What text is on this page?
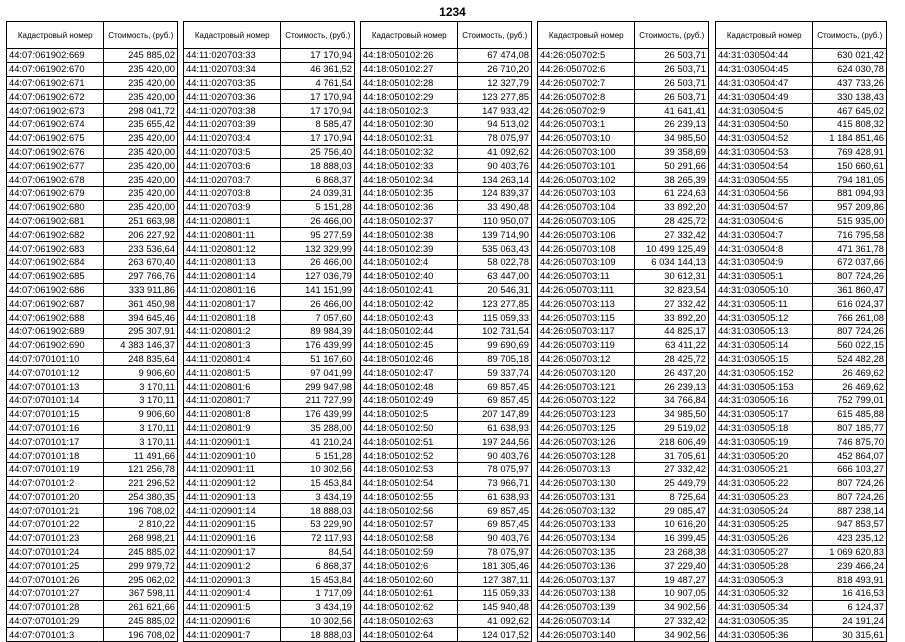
1234
Кадастровый номер	Стоимость, (руб.)
44:07:061902:669	245 885,02
44:07:061902:670	235 420,00
44:07:061902:671	235 420,00
44:07:061902:672	235 420,00
44:07:061902:673	298 041,72
44:07:061902:674	235 655,42
44:07:061902:675	235 420,00
44:07:061902:676	235 420,00
44:07:061902:677	235 420,00
44:07:061902:678	235 420,00
44:07:061902:679	235 420,00
44:07:061902:680	235 420,00
44:07:061902:681	251 663,98
44:07:061902:682	206 227,92
44:07:061902:683	233 536,64
44:07:061902:684	263 670,40
44:07:061902:685	297 766,76
44:07:061902:686	333 911,86
44:07:061902:687	361 450,98
44:07:061902:688	394 645,46
44:07:061902:689	295 307,91
44:07:061902:690	4 383 146,37
44:07:070101:10	248 835,64
44:07:070101:12	9 906,60
44:07:070101:13	3 170,11
44:07:070101:14	3 170,11
44:07:070101:15	9 906,60
44:07:070101:16	3 170,11
44:07:070101:17	3 170,11
44:07:070101:18	11 491,66
44:07:070101:19	121 256,78
44:07:070101:2	221 296,52
44:07:070101:20	254 380,35
44:07:070101:21	196 708,02
44:07:070101:22	2 810,22
44:07:070101:23	268 998,21
44:07:070101:24	245 885,02
44:07:070101:25	299 979,72
44:07:070101:26	295 062,02
44:07:070101:27	367 598,11
44:07:070101:28	261 621,66
44:07:070101:29	245 885,02
44:07:070101:3	196 708,02
Кадастровый номер	Стоимость, (руб.)
44:11:020703:33	17 170,94
44:11:020703:34	46 361,52
44:11:020703:35	4 761,54
44:11:020703:36	17 170,94
44:11:020703:38	17 170,94
44:11:020703:39	8 585,47
44:11:020703:4	17 170,94
44:11:020703:5	25 756,40
44:11:020703:6	18 888,03
44:11:020703:7	6 868,37
44:11:020703:8	24 039,31
44:11:020703:9	5 151,28
44:11:020801:1	26 466,00
44:11:020801:11	95 277,59
44:11:020801:12	132 329,99
44:11:020801:13	26 466,00
44:11:020801:14	127 036,79
44:11:020801:16	141 151,99
44:11:020801:17	26 466,00
44:11:020801:18	7 057,60
44:11:020801:2	89 984,39
44:11:020801:3	176 439,99
44:11:020801:4	51 167,60
44:11:020801:5	97 041,99
44:11:020801:6	299 947,98
44:11:020801:7	211 727,99
44:11:020801:8	176 439,99
44:11:020801:9	35 288,00
44:11:020901:1	41 210,24
44:11:020901:10	5 151,28
44:11:020901:11	10 302,56
44:11:020901:12	15 453,84
44:11:020901:13	3 434,19
44:11:020901:14	18 888,03
44:11:020901:15	53 229,90
44:11:020901:16	72 117,93
44:11:020901:17	84,54
44:11:020901:2	6 868,37
44:11:020901:3	15 453,84
44:11:020901:4	1 717,09
44:11:020901:5	3 434,19
44:11:020901:6	10 302,56
44:11:020901:7	18 888,03
Кадастровый номер	Стоимость, (руб.)
44:18:050102:26	67 474,08
44:18:050102:27	26 710,20
44:18:050102:28	12 327,79
44:18:050102:29	123 277,85
44:18:050102:3	147 933,42
44:18:050102:30	94 513,02
44:18:050102:31	78 075,97
44:18:050102:32	41 092,62
44:18:050102:33	90 403,76
44:18:050102:34	134 263,14
44:18:050102:35	124 839,37
44:18:050102:36	33 490,48
44:18:050102:37	110 950,07
44:18:050102:38	139 714,90
44:18:050102:39	535 063,43
44:18:050102:4	58 022,78
44:18:050102:40	63 447,00
44:18:050102:41	20 546,31
44:18:050102:42	123 277,85
44:18:050102:43	115 059,33
44:18:050102:44	102 731,54
44:18:050102:45	99 690,69
44:18:050102:46	89 705,18
44:18:050102:47	59 337,74
44:18:050102:48	69 857,45
44:18:050102:49	69 857,45
44:18:050102:5	207 147,89
44:18:050102:50	61 638,93
44:18:050102:51	197 244,56
44:18:050102:52	90 403,76
44:18:050102:53	78 075,97
44:18:050102:54	73 966,71
44:18:050102:55	61 638,93
44:18:050102:56	69 857,45
44:18:050102:57	69 857,45
44:18:050102:58	90 403,76
44:18:050102:59	78 075,97
44:18:050102:6	181 305,46
44:18:050102:60	127 387,11
44:18:050102:61	115 059,33
44:18:050102:62	145 940,48
44:18:050102:63	41 092,62
44:18:050102:64	124 017,52
Кадастровый номер	Стоимость, (руб.)
44:26:050702:5	26 503,71
44:26:050702:6	26 503,71
44:26:050702:7	26 503,71
44:26:050702:8	26 503,71
44:26:050702:9	41 641,41
44:26:050703:1	26 239,13
44:26:050703:10	34 985,50
44:26:050703:100	39 358,69
44:26:050703:101	50 291,66
44:26:050703:102	38 265,39
44:26:050703:103	61 224,63
44:26:050703:104	33 892,20
44:26:050703:105	28 425,72
44:26:050703:106	27 332,42
44:26:050703:108	10 499 125,49
44:26:050703:109	6 034 144,13
44:26:050703:11	30 612,31
44:26:050703:111	32 823,54
44:26:050703:113	27 332,42
44:26:050703:115	33 892,20
44:26:050703:117	44 825,17
44:26:050703:119	63 411,22
44:26:050703:12	28 425,72
44:26:050703:120	26 437,20
44:26:050703:121	26 239,13
44:26:050703:122	34 766,84
44:26:050703:123	34 985,50
44:26:050703:125	29 519,02
44:26:050703:126	218 606,49
44:26:050703:128	31 705,61
44:26:050703:13	27 332,42
44:26:050703:130	25 449,79
44:26:050703:131	8 725,64
44:26:050703:132	29 085,47
44:26:050703:133	10 616,20
44:26:050703:134	16 399,45
44:26:050703:135	23 268,38
44:26:050703:136	37 229,40
44:26:050703:137	19 487,27
44:26:050703:138	10 907,05
44:26:050703:139	34 902,56
44:26:050703:14	27 332,42
44:26:050703:140	34 902,56
Кадастровый номер	Стоимость, (руб.)
44:31:030504:44	630 021,42
44:31:030504:45	624 030,78
44:31:030504:47	437 733,26
44:31:030504:49	330 138,43
44:31:030504:5	467 645,02
44:31:030504:50	415 808,32
44:31:030504:52	1 184 851,46
44:31:030504:53	769 428,91
44:31:030504:54	150 660,61
44:31:030504:55	794 181,05
44:31:030504:56	881 094,93
44:31:030504:57	957 209,86
44:31:030504:6	515 935,00
44:31:030504:7	716 795,58
44:31:030504:8	471 361,78
44:31:030504:9	672 037,66
44:31:030505:1	807 724,26
44:31:030505:10	361 860,47
44:31:030505:11	616 024,37
44:31:030505:12	766 261,08
44:31:030505:13	807 724,26
44:31:030505:14	560 022,15
44:31:030505:15	524 482,28
44:31:030505:152	26 469,62
44:31:030505:153	26 469,62
44:31:030505:16	752 799,01
44:31:030505:17	615 485,88
44:31:030505:18	807 185,77
44:31:030505:19	746 875,70
44:31:030505:20	452 864,07
44:31:030505:21	666 103,27
44:31:030505:22	807 724,26
44:31:030505:23	807 724,26
44:31:030505:24	887 238,14
44:31:030505:25	947 853,57
44:31:030505:26	423 235,12
44:31:030505:27	1 069 620,83
44:31:030505:28	239 466,24
44:31:030505:3	818 493,91
44:31:030505:32	16 416,53
44:31:030505:34	6 124,37
44:31:030505:35	24 191,24
44:31:030505:36	30 315,61
